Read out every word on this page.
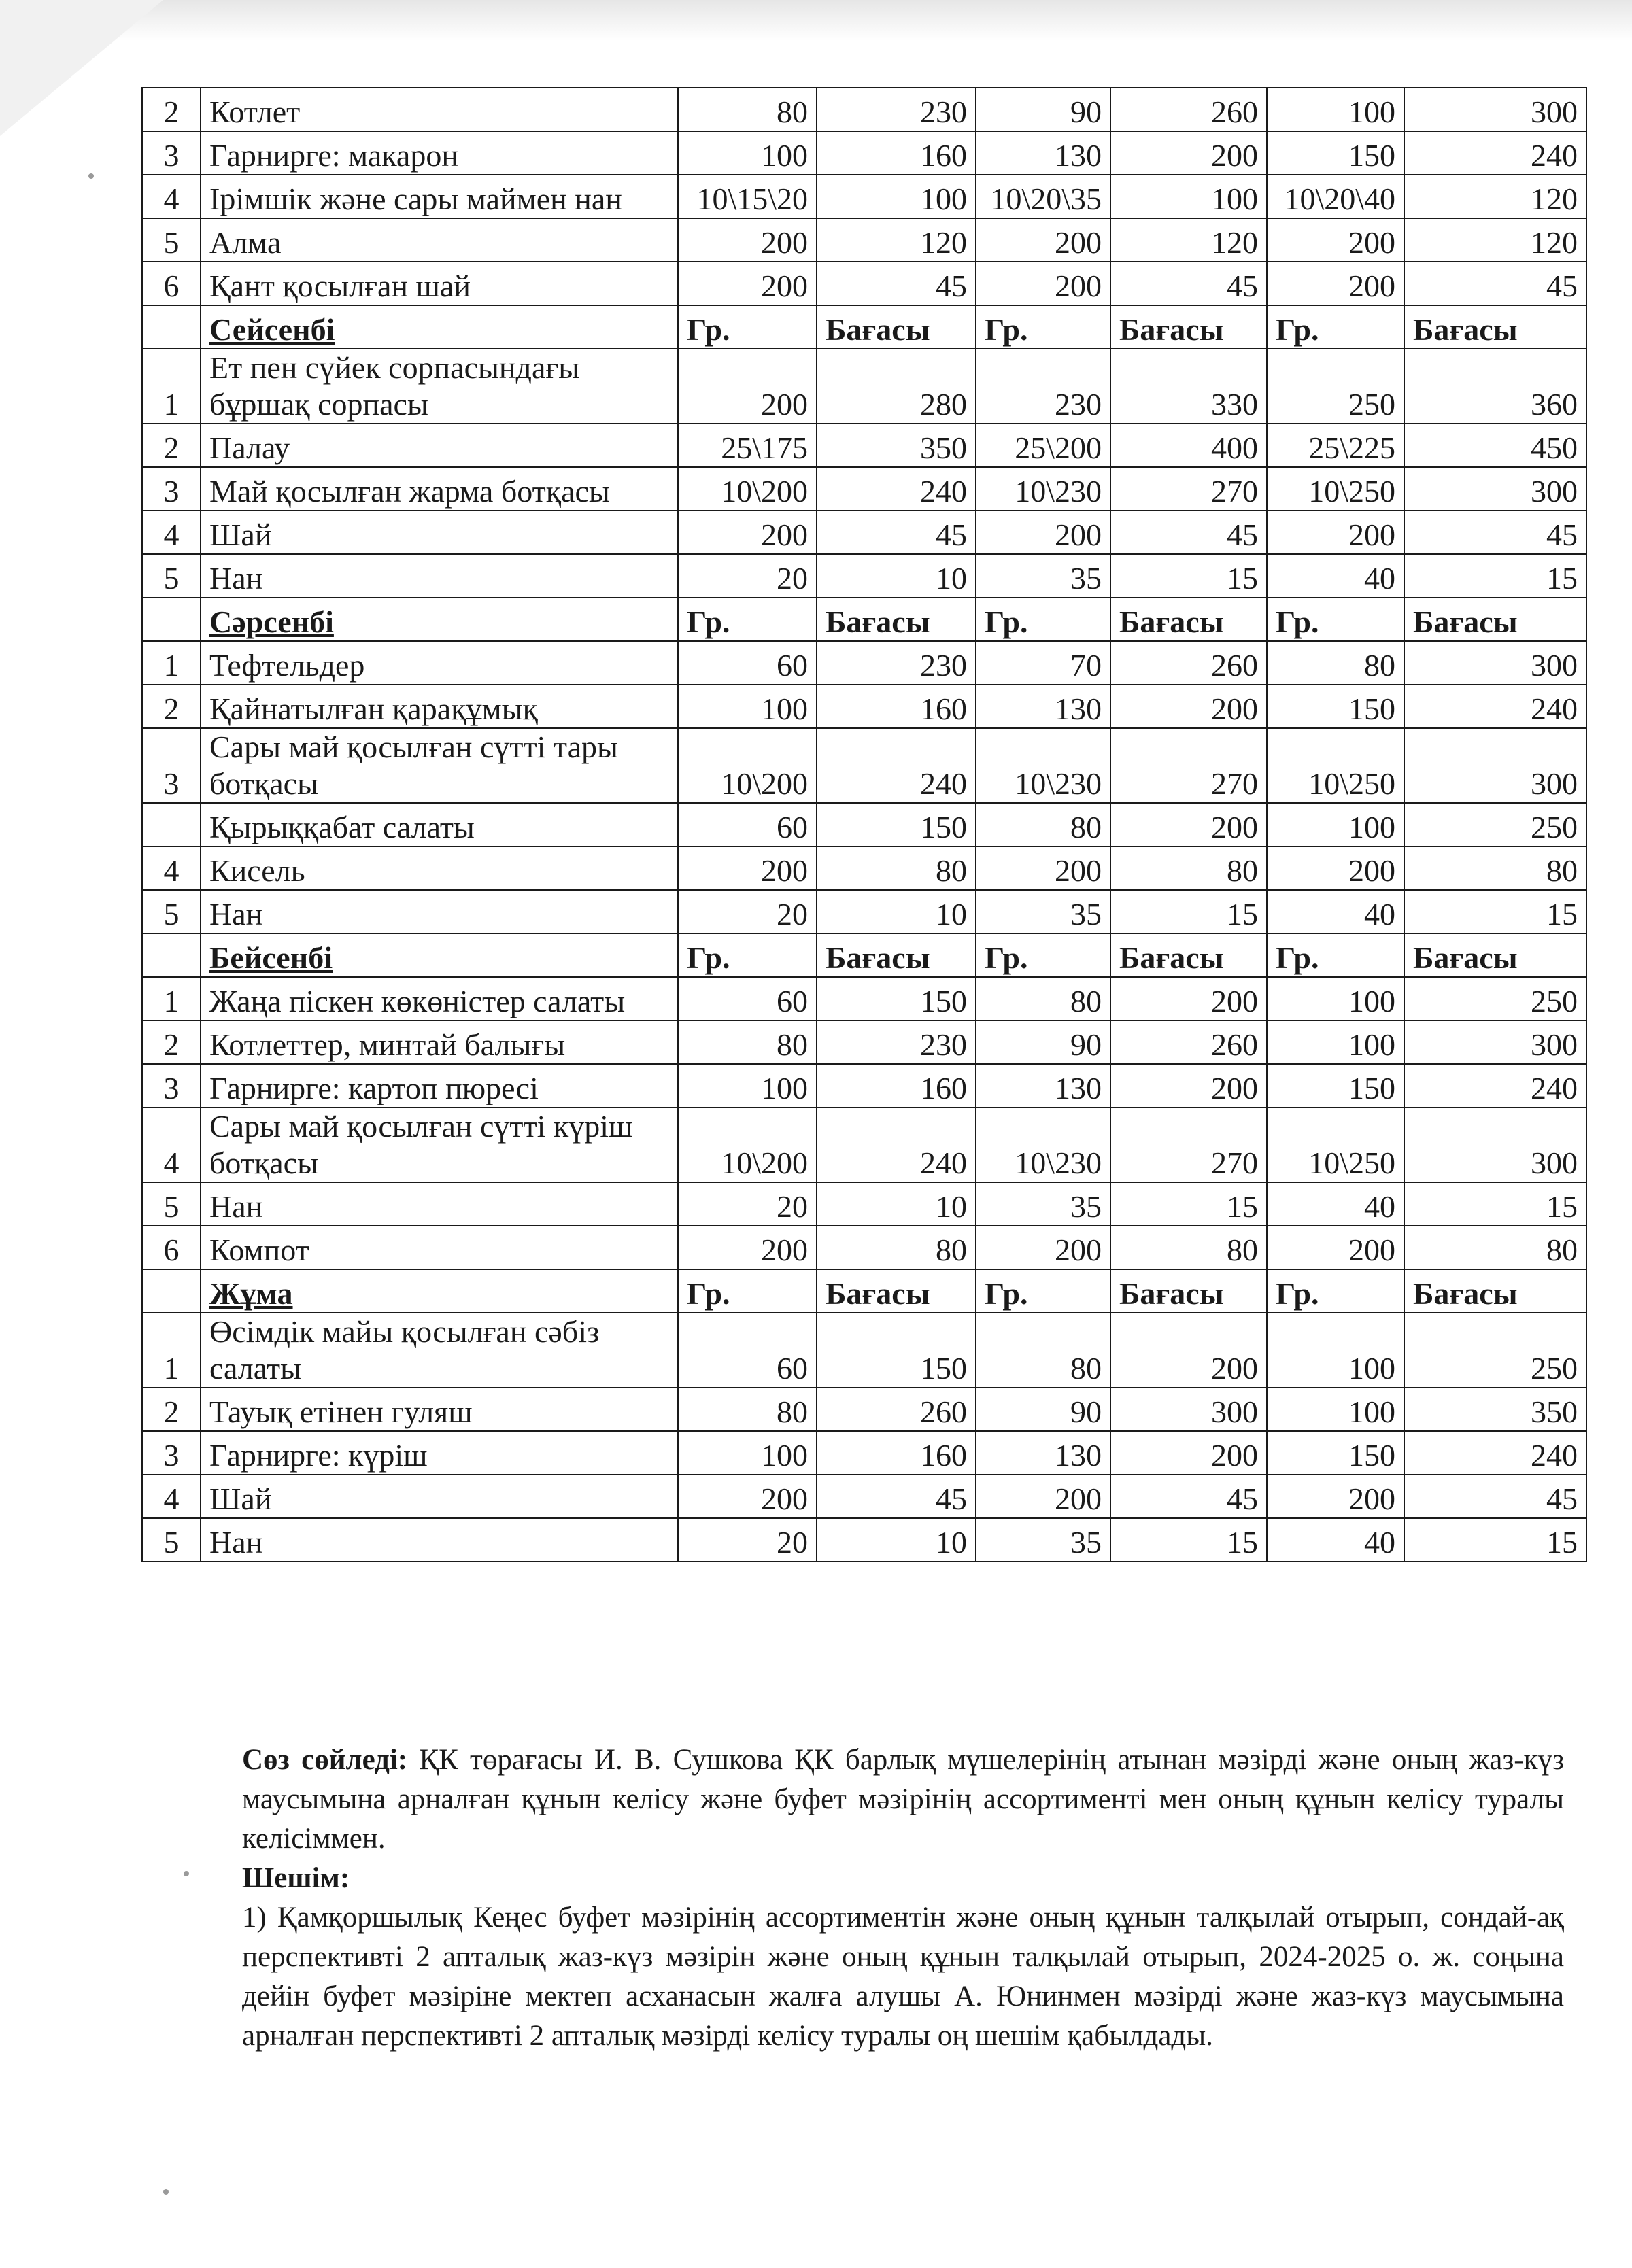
2	Котлет	80	230	90	260	100	300
3	Гарнирге: макарон	100	160	130	200	150	240
4	Ірімшік және сары маймен нан	10\15\20	100	10\20\35	100	10\20\40	120
5	Алма	200	120	200	120	200	120
6	Қант қосылған шай	200	45	200	45	200	45
	Сейсенбі	Гр.	Бағасы	Гр.	Бағасы	Гр.	Бағасы
1	Ет пен сүйек сорпасындағы бұршақ сорпасы	200	280	230	330	250	360
2	Палау	25\175	350	25\200	400	25\225	450
3	Май қосылған жарма ботқасы	10\200	240	10\230	270	10\250	300
4	Шай	200	45	200	45	200	45
5	Нан	20	10	35	15	40	15
	Сәрсенбі	Гр.	Бағасы	Гр.	Бағасы	Гр.	Бағасы
1	Тефтельдер	60	230	70	260	80	300
2	Қайнатылған қарақұмық	100	160	130	200	150	240
3	Сары май қосылған сүтті тары ботқасы	10\200	240	10\230	270	10\250	300
	Қырыққабат салаты	60	150	80	200	100	250
4	Кисель	200	80	200	80	200	80
5	Нан	20	10	35	15	40	15
	Бейсенбі	Гр.	Бағасы	Гр.	Бағасы	Гр.	Бағасы
1	Жаңа піскен көкөністер салаты	60	150	80	200	100	250
2	Котлеттер, минтай балығы	80	230	90	260	100	300
3	Гарнирге: картоп пюресі	100	160	130	200	150	240
4	Сары май қосылған сүтті күріш ботқасы	10\200	240	10\230	270	10\250	300
5	Нан	20	10	35	15	40	15
6	Компот	200	80	200	80	200	80
	Жұма	Гр.	Бағасы	Гр.	Бағасы	Гр.	Бағасы
1	Өсімдік майы қосылған сәбіз салаты	60	150	80	200	100	250
2	Тауық етінен гуляш	80	260	90	300	100	350
3	Гарнирге: күріш	100	160	130	200	150	240
4	Шай	200	45	200	45	200	45
5	Нан	20	10	35	15	40	15

Сөз сөйледі: ҚК төрағасы И. В. Сушкова ҚК барлық мүшелерінің атынан мәзірді және оның жаз-күз маусымына арналған құнын келісу және буфет мәзірінің ассортименті мен оның құнын келісу туралы келісіммен.

Шешім:

1) Қамқоршылық Кеңес буфет мәзірінің ассортиментін және оның құнын талқылай отырып, сондай-ақ перспективті 2 апталық жаз-күз мәзірін және оның құнын талқылай отырып, 2024-2025 о. ж. соңына дейін буфет мәзіріне мектеп асханасын жалға алушы А. Юнинмен мәзірді және жаз-күз маусымына арналған перспективті 2 апталық мәзірді келісу туралы оң шешім қабылдады.
